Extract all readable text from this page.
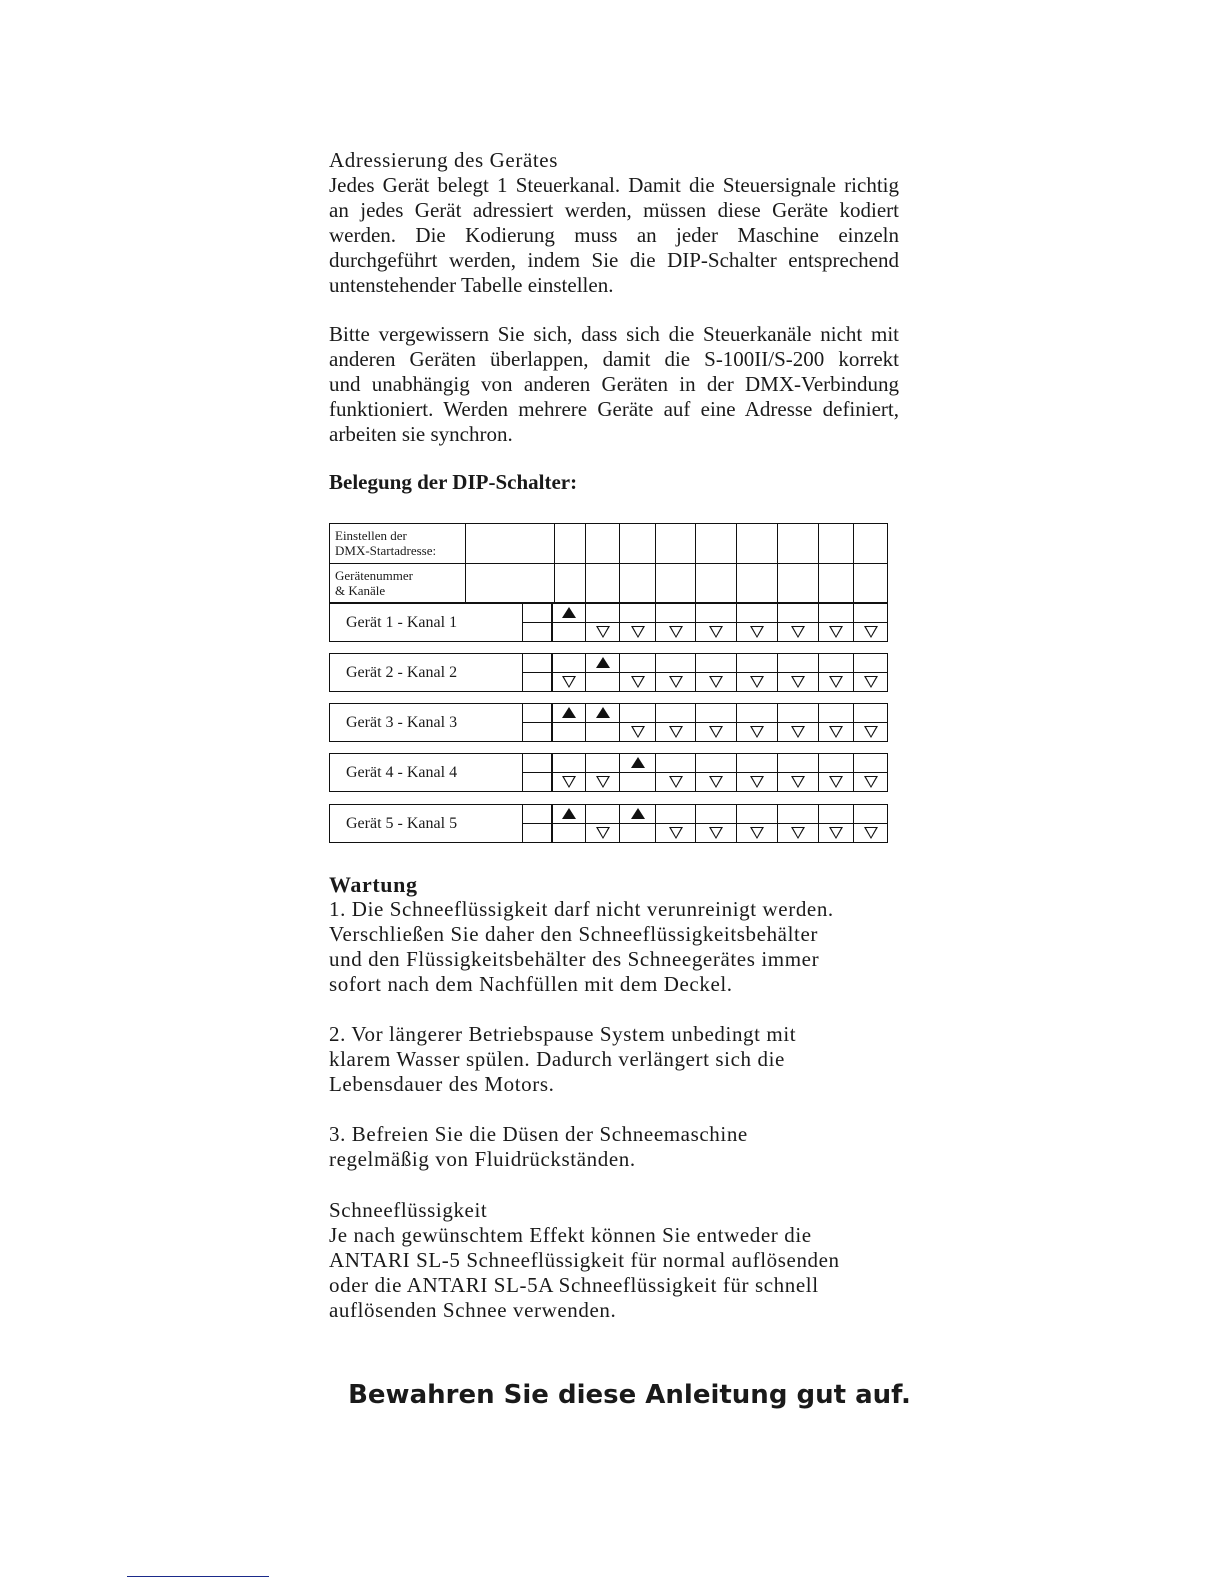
Adressierung des Gerätes

Jedes Gerät belegt 1 Steuerkanal. Damit die Steuersignale richtig

an jedes Gerät adressiert werden, müssen diese Geräte kodiert

werden. Die Kodierung muss an jeder Maschine einzeln

durchgeführt werden, indem Sie die DIP-Schalter entsprechend

untenstehender Tabelle einstellen.

Bitte vergewissern Sie sich, dass sich die Steuerkanäle nicht mit

anderen Geräten überlappen, damit die S-100II/S-200 korrekt

und unabhängig von anderen Geräten in der DMX-Verbindung

funktioniert. Werden mehrere Geräte auf eine Adresse definiert,

arbeiten sie synchron.

Belegung der DIP-Schalter:
Einstellen der
DMX-Startadresse:
Gerätenummer
& Kanäle
Gerät 1 - Kanal 1
Gerät 2 - Kanal 2
Gerät 3 - Kanal 3
Gerät 4 - Kanal 4
Gerät 5 - Kanal 5

Wartung

1. Die Schneeflüssigkeit darf nicht verunreinigt werden.

Verschließen Sie daher den Schneeflüssigkeitsbehälter

und den Flüssigkeitsbehälter des Schneegerätes immer

sofort nach dem Nachfüllen mit dem Deckel.

2. Vor längerer Betriebspause System unbedingt mit

klarem Wasser spülen. Dadurch verlängert sich die

Lebensdauer des Motors.

3. Befreien Sie die Düsen der Schneemaschine

regelmäßig von Fluidrückständen.

Schneeflüssigkeit

Je nach gewünschtem Effekt können Sie entweder die

ANTARI SL-5 Schneeflüssigkeit für normal auflösenden

oder die ANTARI SL-5A Schneeflüssigkeit für schnell

auflösenden Schnee verwenden.

Bewahren Sie diese Anleitung gut auf.
